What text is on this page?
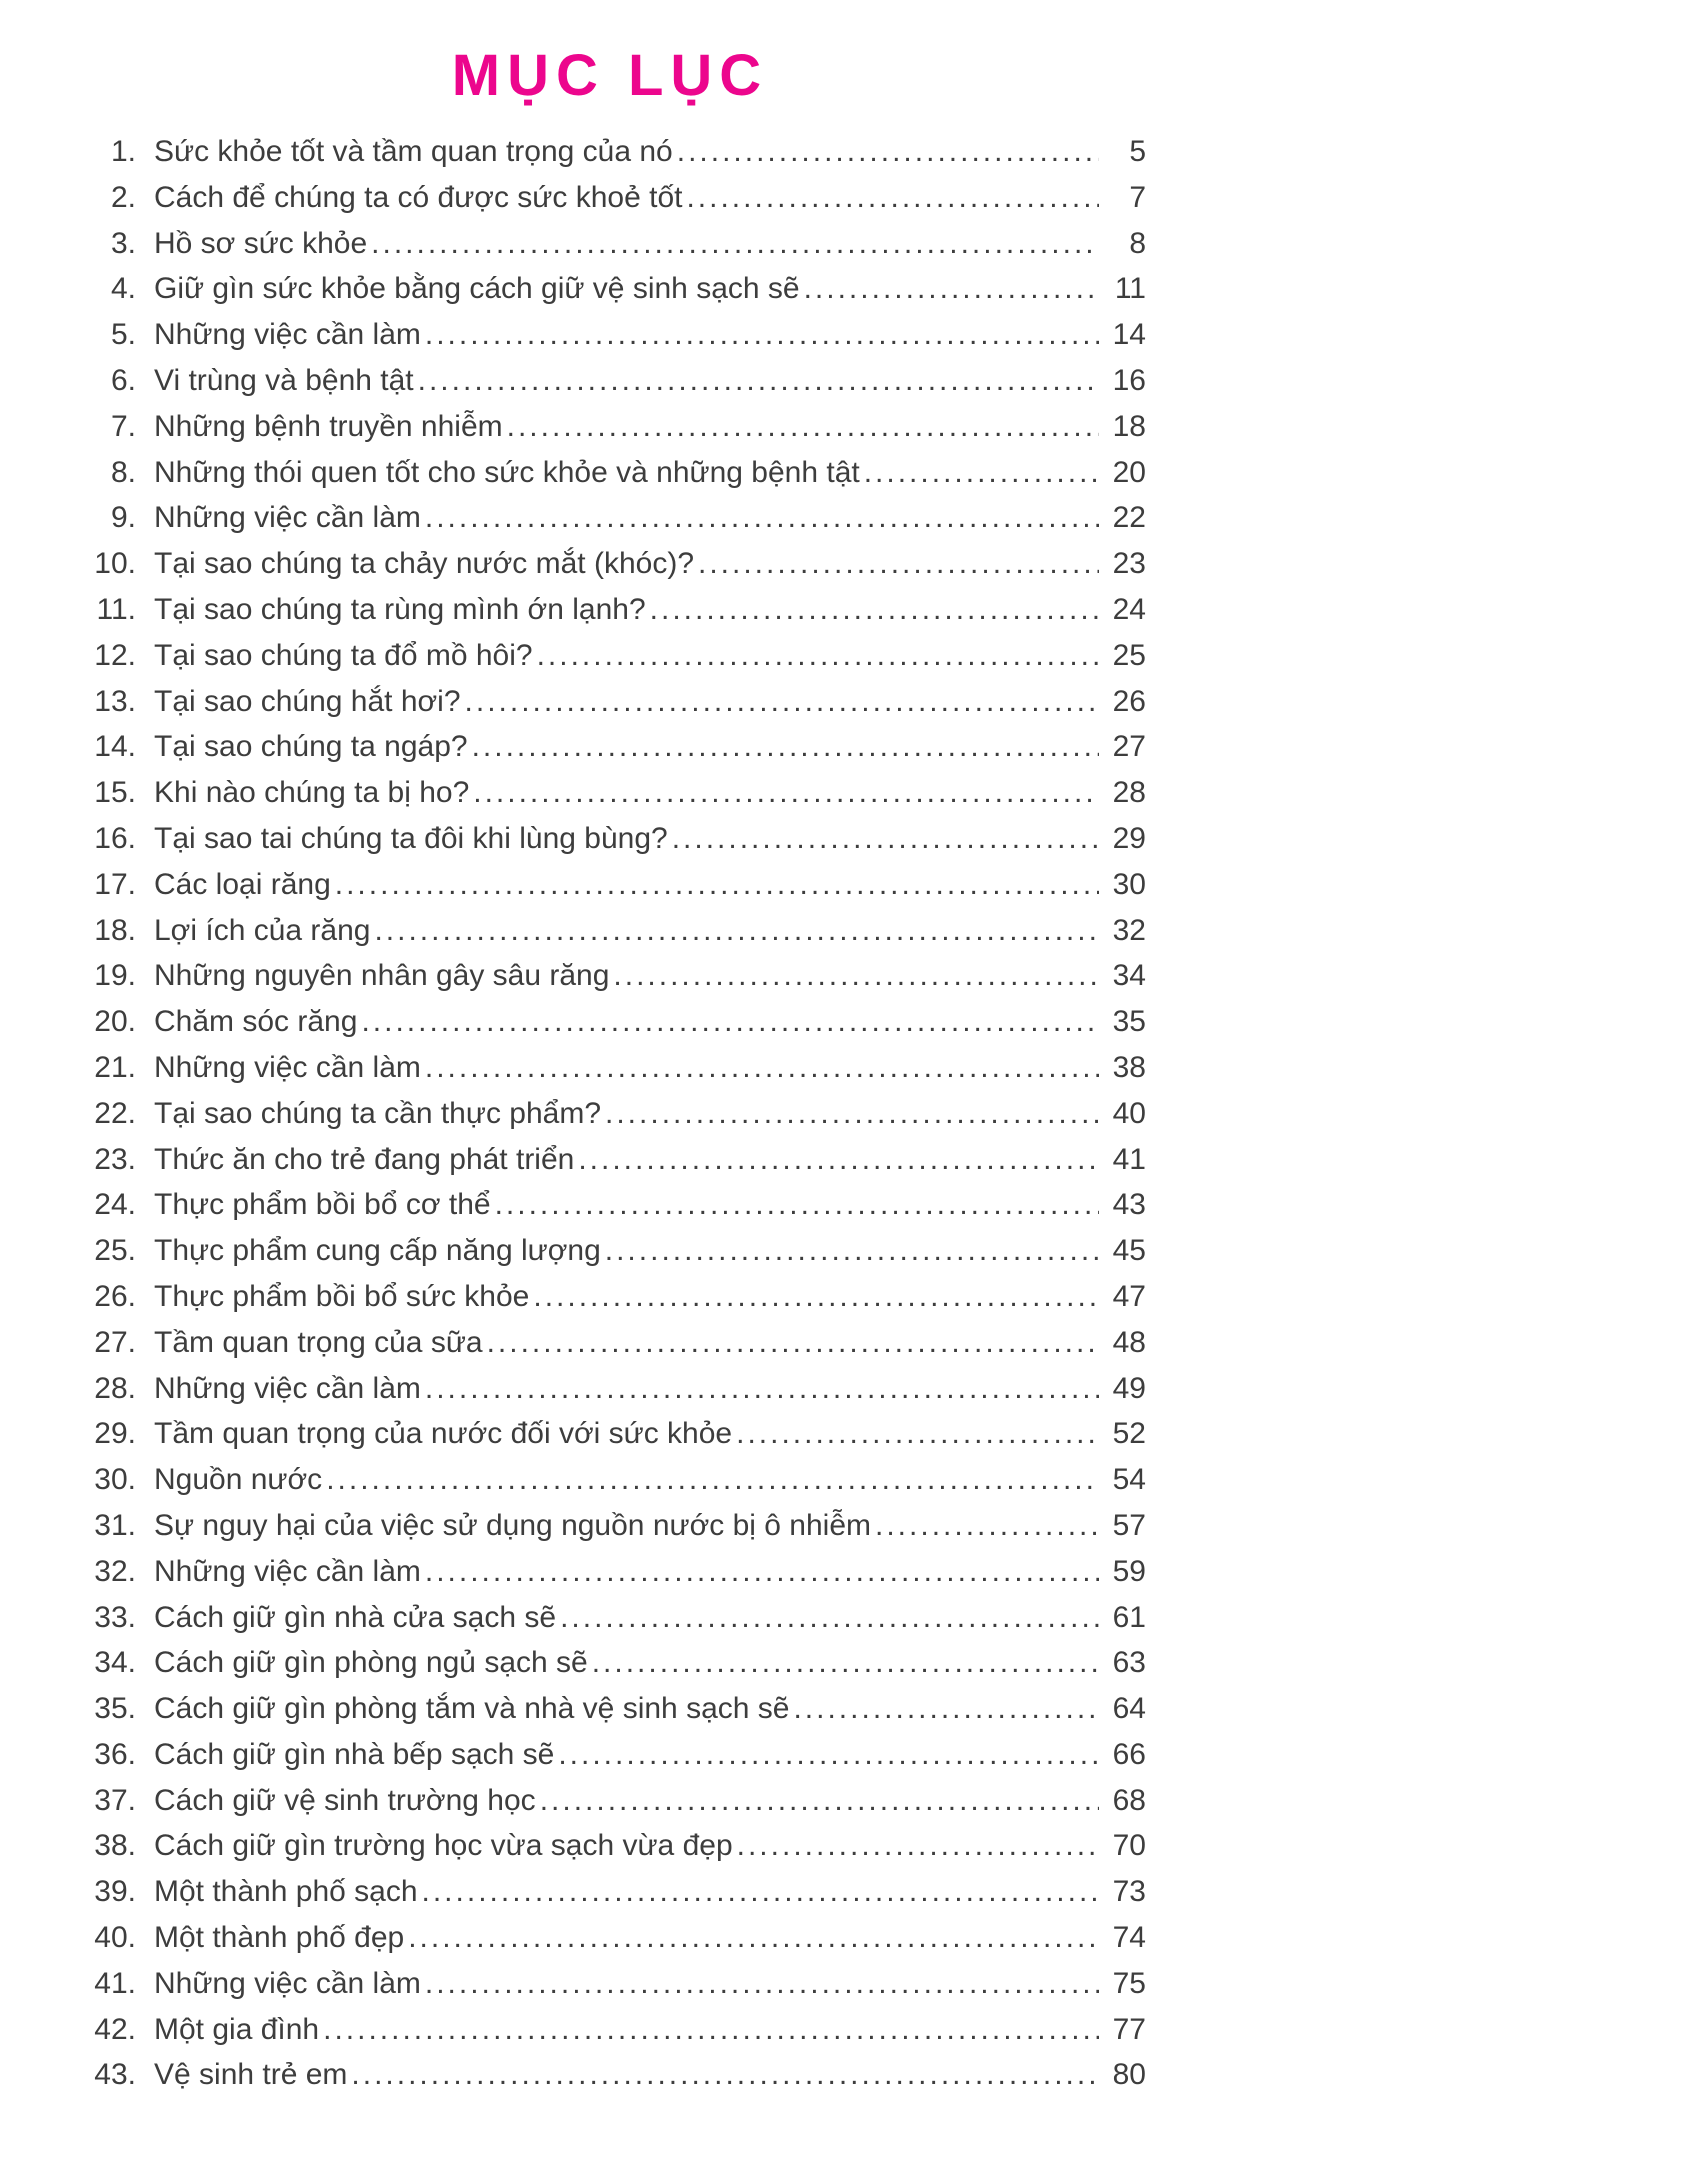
MỤC LỤC
1. Sức khỏe tốt và tầm quan trọng của nó .....	5
2. Cách để chúng ta có được sức khoẻ tốt .....	7
3. Hồ sơ sức khỏe .....	8
4. Giữ gìn sức khỏe bằng cách giữ vệ sinh sạch sẽ .....	11
5. Những việc cần làm .....	14
6. Vi trùng và bệnh tật .....	16
7. Những bệnh truyền nhiễm .....	18
8. Những thói quen tốt cho sức khỏe và những bệnh tật .....	20
9. Những việc cần làm .....	22
10. Tại sao chúng ta chảy nước mắt (khóc)? .....	23
11. Tại sao chúng ta rùng mình ớn lạnh? .....	24
12. Tại sao chúng ta đổ mồ hôi? .....	25
13. Tại sao chúng hắt hơi? .....	26
14. Tại sao chúng ta ngáp? .....	27
15. Khi nào chúng ta bị ho? .....	28
16. Tại sao tai chúng ta đôi khi lùng bùng? .....	29
17. Các loại răng .....	30
18. Lợi ích của răng .....	32
19. Những nguyên nhân gây sâu răng .....	34
20. Chăm sóc răng .....	35
21. Những việc cần làm .....	38
22. Tại sao chúng ta cần thực phẩm? .....	40
23. Thức ăn cho trẻ đang phát triển .....	41
24. Thực phẩm bồi bổ cơ thể .....	43
25. Thực phẩm cung cấp năng lượng .....	45
26. Thực phẩm bồi bổ sức khỏe .....	47
27. Tầm quan trọng của sữa .....	48
28. Những việc cần làm .....	49
29. Tầm quan trọng của nước đối với sức khỏe .....	52
30. Nguồn nước .....	54
31. Sự nguy hại của việc sử dụng nguồn nước bị ô nhiễm .....	57
32. Những việc cần làm .....	59
33. Cách giữ gìn nhà cửa sạch sẽ .....	61
34. Cách giữ gìn phòng ngủ sạch sẽ .....	63
35. Cách giữ gìn phòng tắm và nhà vệ sinh sạch sẽ .....	64
36. Cách giữ gìn nhà bếp sạch sẽ .....	66
37. Cách giữ vệ sinh trường học .....	68
38. Cách giữ gìn trường học vừa sạch vừa đẹp .....	70
39. Một thành phố sạch .....	73
40. Một thành phố đẹp .....	74
41. Những việc cần làm .....	75
42. Một gia đình .....	77
43. Vệ sinh trẻ em .....	80
